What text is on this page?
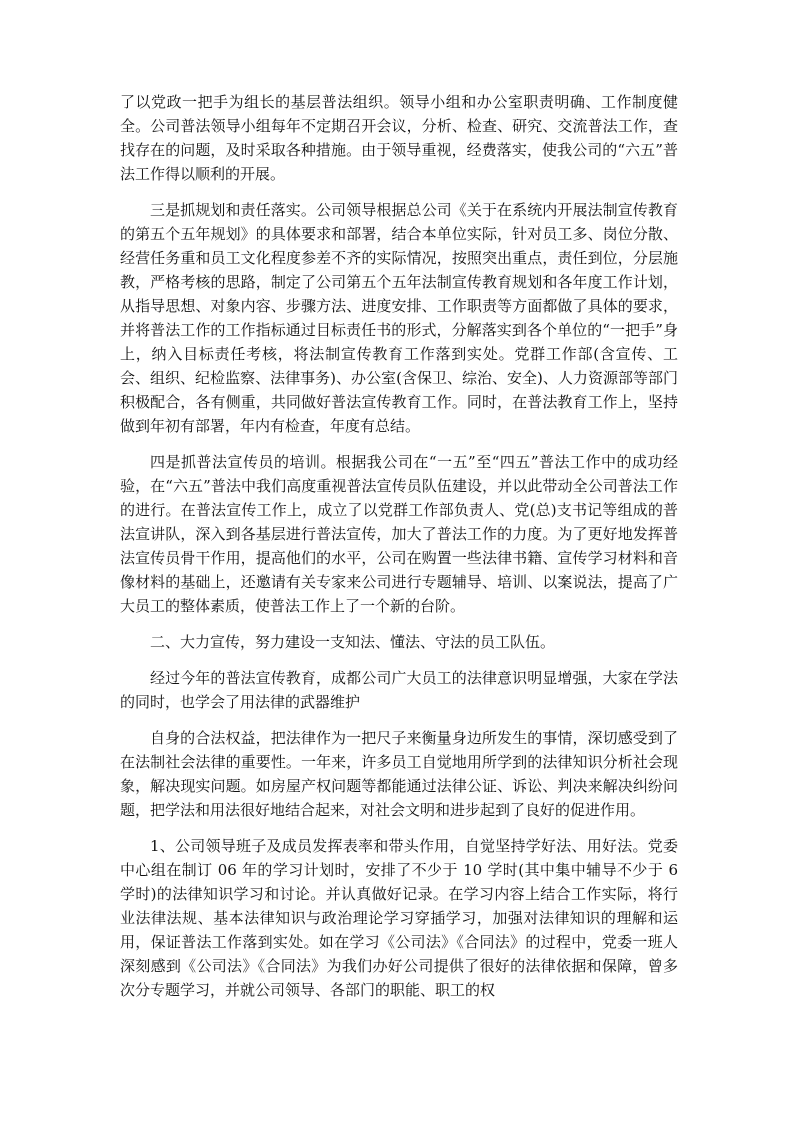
了以党政一把手为组长的基层普法组织。领导小组和办公室职责明确、工作制度健全。公司普法领导小组每年不定期召开会议，分析、检查、研究、交流普法工作，查找存在的问题，及时采取各种措施。由于领导重视，经费落实，使我公司的“六五”普法工作得以顺利的开展。

三是抓规划和责任落实。公司领导根据总公司《关于在系统内开展法制宣传教育的第五个五年规划》的具体要求和部署，结合本单位实际，针对员工多、岗位分散、经营任务重和员工文化程度参差不齐的实际情况，按照突出重点，责任到位，分层施教，严格考核的思路，制定了公司第五个五年法制宣传教育规划和各年度工作计划，从指导思想、对象内容、步骤方法、进度安排、工作职责等方面都做了具体的要求，并将普法工作的工作指标通过目标责任书的形式，分解落实到各个单位的“一把手”身上，纳入目标责任考核，将法制宣传教育工作落到实处。党群工作部(含宣传、工会、组织、纪检监察、法律事务)、办公室(含保卫、综治、安全)、人力资源部等部门积极配合，各有侧重，共同做好普法宣传教育工作。同时，在普法教育工作上，坚持做到年初有部署，年内有检查，年度有总结。

四是抓普法宣传员的培训。根据我公司在“一五”至“四五”普法工作中的成功经验，在“六五”普法中我们高度重视普法宣传员队伍建设，并以此带动全公司普法工作的进行。在普法宣传工作上，成立了以党群工作部负责人、党(总)支书记等组成的普法宣讲队，深入到各基层进行普法宣传，加大了普法工作的力度。为了更好地发挥普法宣传员骨干作用，提高他们的水平，公司在购置一些法律书籍、宣传学习材料和音像材料的基础上，还邀请有关专家来公司进行专题辅导、培训、以案说法，提高了广大员工的整体素质，使普法工作上了一个新的台阶。

二、大力宣传，努力建设一支知法、懂法、守法的员工队伍。

经过今年的普法宣传教育，成都公司广大员工的法律意识明显增强，大家在学法的同时，也学会了用法律的武器维护

自身的合法权益，把法律作为一把尺子来衡量身边所发生的事情，深切感受到了在法制社会法律的重要性。一年来，许多员工自觉地用所学到的法律知识分析社会现象，解决现实问题。如房屋产权问题等都能通过法律公证、诉讼、判决来解决纠纷问题，把学法和用法很好地结合起来，对社会文明和进步起到了良好的促进作用。

1、公司领导班子及成员发挥表率和带头作用，自觉坚持学好法、用好法。党委中心组在制订 06 年的学习计划时，安排了不少于 10 学时(其中集中辅导不少于 6 学时)的法律知识学习和讨论。并认真做好记录。在学习内容上结合工作实际，将行业法律法规、基本法律知识与政治理论学习穿插学习，加强对法律知识的理解和运用，保证普法工作落到实处。如在学习《公司法》《合同法》的过程中，党委一班人深刻感到《公司法》《合同法》为我们办好公司提供了很好的法律依据和保障，曾多次分专题学习，并就公司领导、各部门的职能、职工的权
